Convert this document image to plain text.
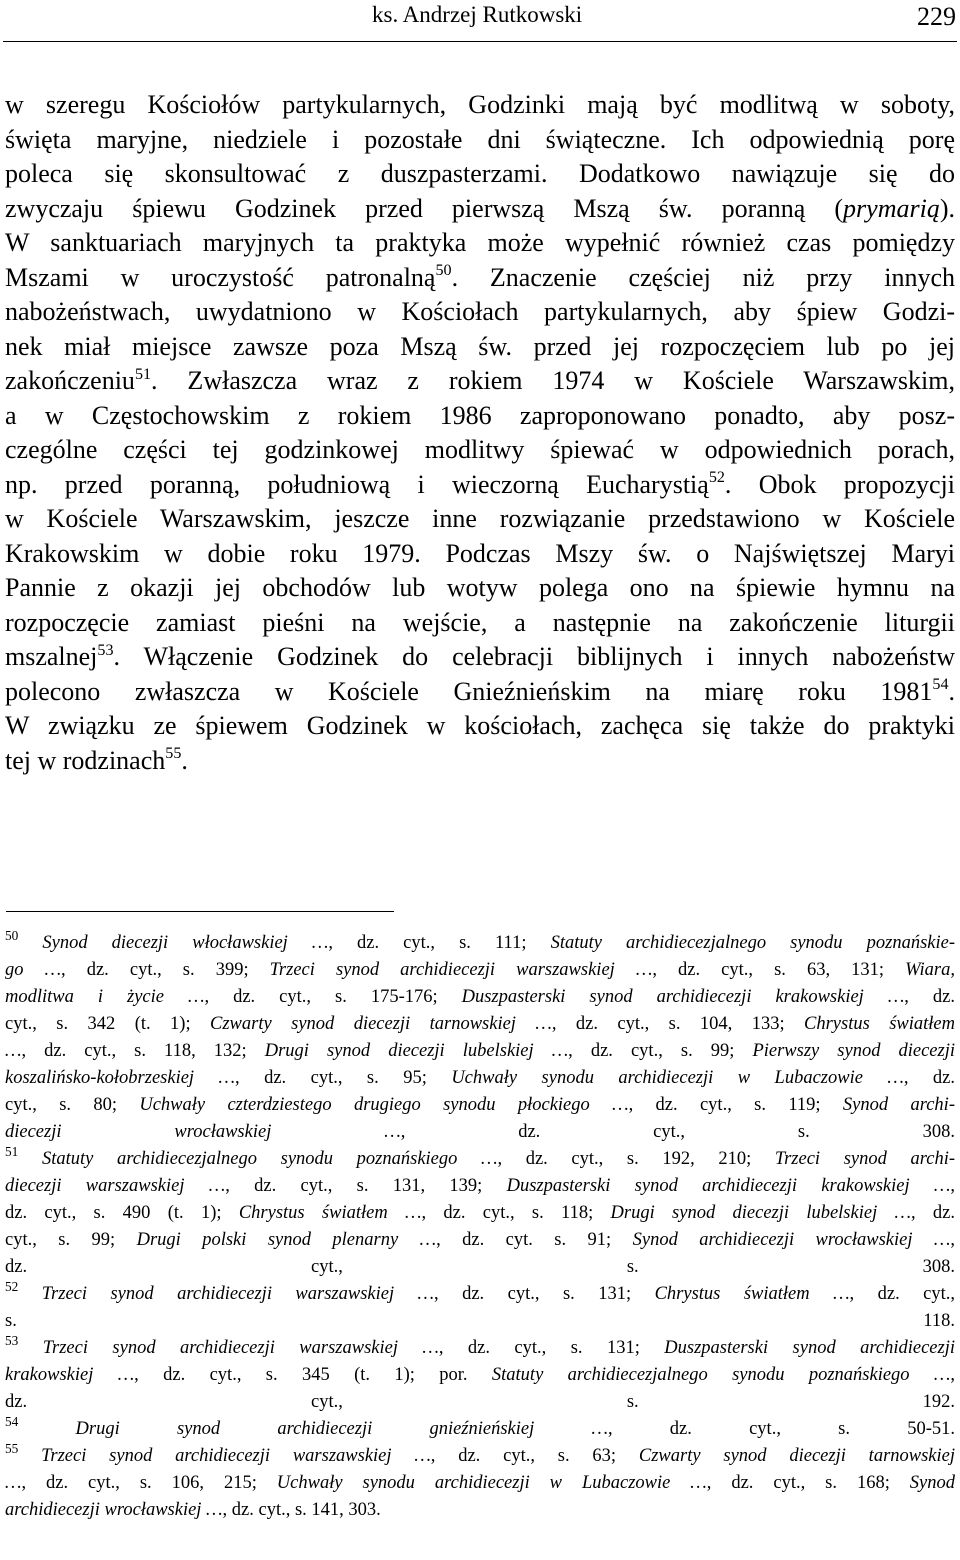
ks. Andrzej Rutkowski	229
w szeregu Kościołów partykularnych, Godzinki mają być modlitwą w soboty,
święta maryjne, niedziele i pozostałe dni świąteczne. Ich odpowiednią porę
poleca się skonsultować z duszpasterzami. Dodatkowo nawiązuje się do
zwyczaju śpiewu Godzinek przed pierwszą Mszą św. poranną (prymarią).
W sanktuariach maryjnych ta praktyka może wypełnić również czas pomiędzy
Mszami w uroczystość patronalną$^{50}$. Znaczenie częściej niż przy innych
nabożeństwach, uwydatniono w Kościołach partykularnych, aby śpiew Godzi-
nek miał miejsce zawsze poza Mszą św. przed jej rozpoczęciem lub po jej
zakończeniu$^{51}$. Zwłaszcza wraz z rokiem 1974 w Kościele Warszawskim,
a w Częstochowskim z rokiem 1986 zaproponowano ponadto, aby posz-
czególne części tej godzinkowej modlitwy śpiewać w odpowiednich porach,
np. przed poranną, południową i wieczorną Eucharystią$^{52}$. Obok propozycji
w Kościele Warszawskim, jeszcze inne rozwiązanie przedstawiono w Kościele
Krakowskim w dobie roku 1979. Podczas Mszy św. o Najświętszej Maryi
Pannie z okazji jej obchodów lub wotyw polega ono na śpiewie hymnu na
rozpoczęcie zamiast pieśni na wejście, a następnie na zakończenie liturgii
mszalnej$^{53}$. Włączenie Godzinek do celebracji biblijnych i innych nabożeństw
polecono zwłaszcza w Kościele Gnieźnieńskim na miarę roku 1981$^{54}$.
W związku ze śpiewem Godzinek w kościołach, zachęca się także do praktyki
tej w rodzinach$^{55}$.
$^{50}$ Synod diecezji włocławskiej …, dz. cyt., s. 111; Statuty archidiecezjalnego synodu poznańskie-
go …, dz. cyt., s. 399; Trzeci synod archidiecezji warszawskiej …, dz. cyt., s. 63, 131; Wiara,
modlitwa i życie …, dz. cyt., s. 175-176; Duszpasterski synod archidiecezji krakowskiej …, dz.
cyt., s. 342 (t. 1); Czwarty synod diecezji tarnowskiej …, dz. cyt., s. 104, 133; Chrystus światłem
…, dz. cyt., s. 118, 132; Drugi synod diecezji lubelskiej …, dz. cyt., s. 99; Pierwszy synod diecezji
koszalińsko-kołobrzeskiej …, dz. cyt., s. 95; Uchwały synodu archidiecezji w Lubaczowie …, dz.
cyt., s. 80; Uchwały czterdziestego drugiego synodu płockiego …, dz. cyt., s. 119; Synod archi-
diecezji wrocławskiej …, dz. cyt., s. 308.
$^{51}$ Statuty archidiecezjalnego synodu poznańskiego …, dz. cyt., s. 192, 210; Trzeci synod archi-
diecezji warszawskiej …, dz. cyt., s. 131, 139; Duszpasterski synod archidiecezji krakowskiej …,
dz. cyt., s. 490 (t. 1); Chrystus światłem …, dz. cyt., s. 118; Drugi synod diecezji lubelskiej …, dz.
cyt., s. 99; Drugi polski synod plenarny …, dz. cyt. s. 91; Synod archidiecezji wrocławskiej …,
dz. cyt., s. 308.
$^{52}$ Trzeci synod archidiecezji warszawskiej …, dz. cyt., s. 131; Chrystus światłem …, dz. cyt.,
s. 118.
$^{53}$ Trzeci synod archidiecezji warszawskiej …, dz. cyt., s. 131; Duszpasterski synod archidiecezji
krakowskiej …, dz. cyt., s. 345 (t. 1); por. Statuty archidiecezjalnego synodu poznańskiego …,
dz. cyt., s. 192.
$^{54}$	Drugi synod archidiecezji gnieźnieńskiej …, dz. cyt., s. 50-51.
$^{55}$ Trzeci synod archidiecezji warszawskiej …, dz. cyt., s. 63; Czwarty synod diecezji tarnowskiej
…, dz. cyt., s. 106, 215; Uchwały synodu archidiecezji w Lubaczowie …, dz. cyt., s. 168; Synod
archidiecezji wrocławskiej …, dz. cyt., s. 141, 303.
